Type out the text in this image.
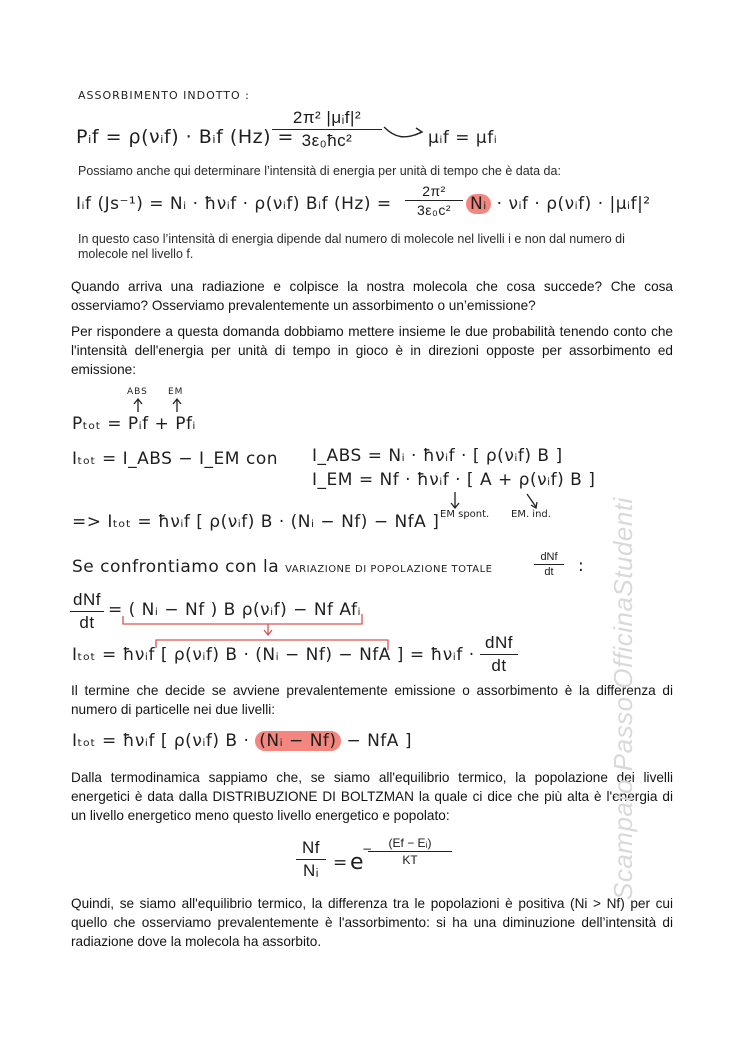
ASSORBIMENTO INDOTTO :
Pᵢf = ρ(νᵢf) · Bᵢf (Hz) =
2π² |μᵢf|²
3ε₀ħc²	μᵢf = μfᵢ
Possiamo anche qui determinare l’intensità di energia per unità di tempo che è data da:
Iᵢf (Js⁻¹) = Nᵢ · ħνᵢf · ρ(νᵢf) Bᵢf (Hz) =
2π²
3ε₀c²	Nᵢ · νᵢf · ρ(νᵢf) · |μᵢf|²
In questo caso l’intensità di energia dipende dal numero di molecole nel livelli i e non dal numero di molecole nel livello f.
Quando arriva una radiazione e colpisce la nostra molecola che cosa succede? Che cosa osserviamo? Osserviamo prevalentemente un assorbimento o un’emissione?
Per rispondere a questa domanda dobbiamo mettere insieme le due probabilità tenendo conto che l'intensità dell'energia per unità di tempo in gioco è in direzioni opposte per assorbimento ed emissione:
ABS EM
Pₜₒₜ = Pᵢf + Pfᵢ
Iₜₒₜ = I_ABS − I_EM con I_ABS = Nᵢ · ħνᵢf · [ ρ(νᵢf) B ]
I_EM = Nf · ħνᵢf · [ A + ρ(νᵢf) B ]
EM spont. EM. ind.
=> Iₜₒₜ = ħνᵢf [ ρ(νᵢf) B · (Nᵢ − Nf) − NfA ]
Se confrontiamo con la VARIAZIONE DI POPOLAZIONE TOTALE
dNf
dt	:
dNf
dt
= ( Nᵢ − Nf ) B ρ(νᵢf) − Nf Afᵢ
Iₜₒₜ = ħνᵢf [ ρ(νᵢf) B · (Nᵢ − Nf) − NfA ] = ħνᵢf ·
dNf
dt
Il termine che decide se avviene prevalentemente emissione o assorbimento è la differenza di numero di particelle nei due livelli:
Iₜₒₜ = ħνᵢf [ ρ(νᵢf) B · (Nᵢ − Nf) − NfA ]
Dalla termodinamica sappiamo che, se siamo all'equilibrio termico, la popolazione dei livelli energetici è data dalla DISTRIBUZIONE DI BOLTZMAN la quale ci dice che più alta è l'energia di un livello energetico meno questo livello energetico e popolato:
Nf
Nᵢ = e
−	(Ef − Eᵢ)
KT
Quindi, se siamo all'equilibrio termico, la differenza tra le popolazioni è positiva (Ni > Nf) per cui quello che osserviamo prevalentemente è l'assorbimento: si ha una diminuzione dell’intensità di radiazione dove la molecola ha assorbito.
Scampato Passo OfficinaStudenti
